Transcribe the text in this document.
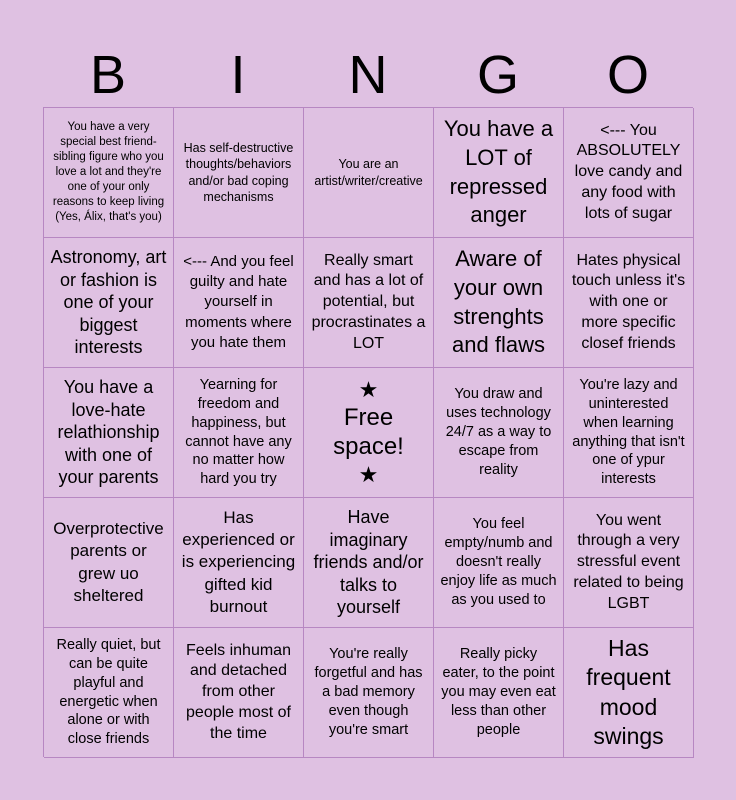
B	I	N	G	O
You have a very special best friend-sibling figure who you love a lot and they're one of your only reasons to keep living (Yes, Álix, that's you)
Has self-destructive thoughts/behaviors and/or bad coping mechanisms
You are an artist/writer/creative
You have a LOT of repressed anger
<--- You ABSOLUTELY love candy and any food with lots of sugar
Astronomy, art or fashion is one of your biggest interests
<--- And you feel guilty and hate yourself in moments where you hate them
Really smart and has a lot of potential, but procrastinates a LOT
Aware of your own strenghts and flaws
Hates physical touch unless it's with one or more specific closef friends
You have a love-hate relathionship with one of your parents
Yearning for freedom and happiness, but cannot have any no matter how hard you try
★
Free space!
★
You draw and uses technology 24/7 as a way to escape from reality
You're lazy and uninterested when learning anything that isn't one of ypur interests
Overprotective parents or grew uo sheltered
Has experienced or is experiencing gifted kid burnout
Have imaginary friends and/or talks to yourself
You feel empty/numb and doesn't really enjoy life as much as you used to
You went through a very stressful event related to being LGBT
Really quiet, but can be quite playful and energetic when alone or with close friends
Feels inhuman and detached from other people most of the time
You're really forgetful and has a bad memory even though you're smart
Really picky eater, to the point you may even eat less than other people
Has frequent mood swings
